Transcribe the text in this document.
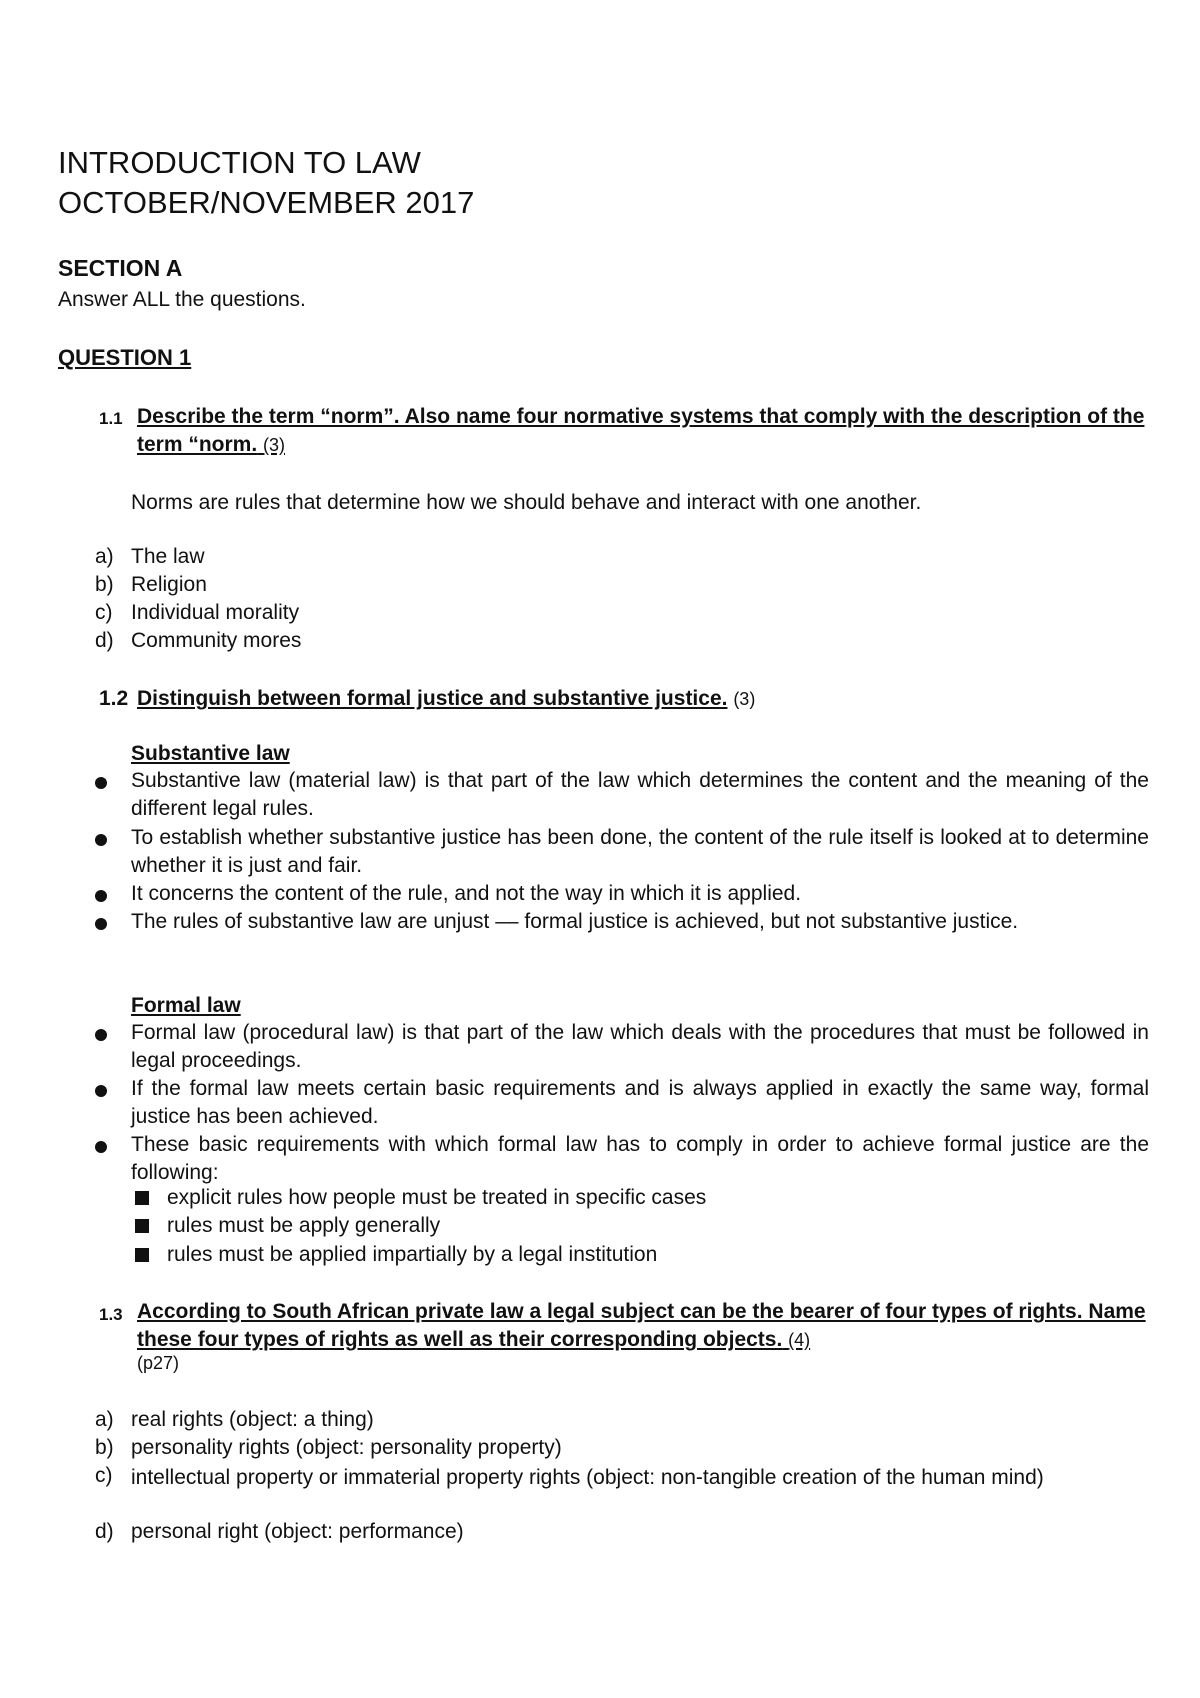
INTRODUCTION TO LAW
OCTOBER/NOVEMBER 2017
SECTION A
Answer ALL the questions.
QUESTION 1
1.1 Describe the term “norm”. Also name four normative systems that comply with the description of the term “norm. (3)
Norms are rules that determine how we should behave and interact with one another.
a) The law
b) Religion
c) Individual morality
d) Community mores
1.2 Distinguish between formal justice and substantive justice. (3)
Substantive law
Substantive law (material law) is that part of the law which determines the content and the meaning of the different legal rules.
To establish whether substantive justice has been done, the content of the rule itself is looked at to determine whether it is just and fair.
It concerns the content of the rule, and not the way in which it is applied.
The rules of substantive law are unjust –– formal justice is achieved, but not substantive justice.
Formal law
Formal law (procedural law) is that part of the law which deals with the procedures that must be followed in legal proceedings.
If the formal law meets certain basic requirements and is always applied in exactly the same way, formal justice has been achieved.
These basic requirements with which formal law has to comply in order to achieve formal justice are the following:
explicit rules how people must be treated in specific cases
rules must be apply generally
rules must be applied impartially by a legal institution
1.3 According to South African private law a legal subject can be the bearer of four types of rights. Name these four types of rights as well as their corresponding objects. (4)
(p27)
a) real rights (object: a thing)
b) personality rights (object: personality property)
c) intellectual property or immaterial property rights (object: non-tangible creation of the human mind)
d) personal right (object: performance)
